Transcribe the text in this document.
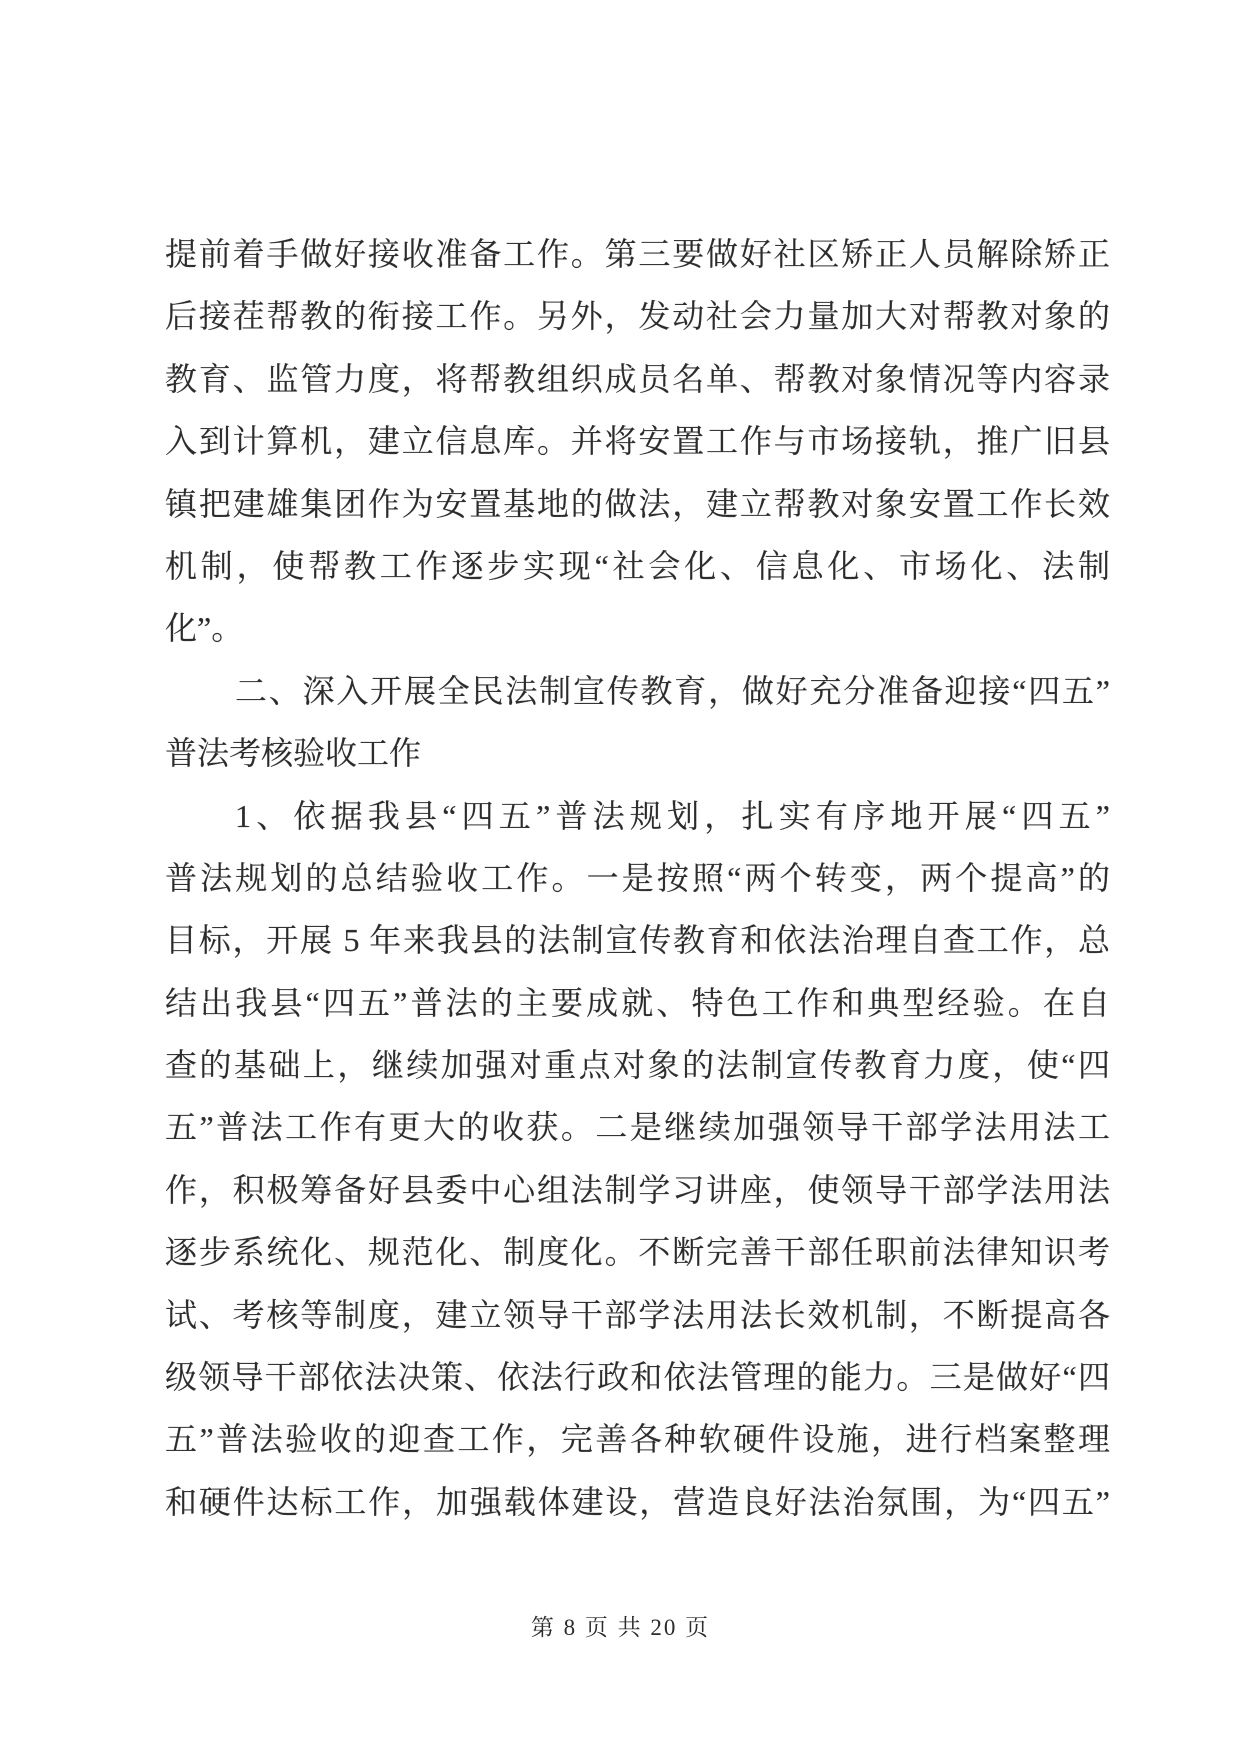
提前着手做好接收准备工作。第三要做好社区矫正人员解除矫正
后接茬帮教的衔接工作。另外，发动社会力量加大对帮教对象的
教育、监管力度，将帮教组织成员名单、帮教对象情况等内容录
入到计算机，建立信息库。并将安置工作与市场接轨，推广旧县
镇把建雄集团作为安置基地的做法，建立帮教对象安置工作长效
机制，使帮教工作逐步实现“社会化、信息化、市场化、法制
化”。
二、深入开展全民法制宣传教育，做好充分准备迎接“四五”
普法考核验收工作
1、依据我县“四五”普法规划，扎实有序地开展“四五”
普法规划的总结验收工作。一是按照“两个转变，两个提高”的
目标，开展 5 年来我县的法制宣传教育和依法治理自查工作，总
结出我县“四五”普法的主要成就、特色工作和典型经验。在自
查的基础上，继续加强对重点对象的法制宣传教育力度，使“四
五”普法工作有更大的收获。二是继续加强领导干部学法用法工
作，积极筹备好县委中心组法制学习讲座，使领导干部学法用法
逐步系统化、规范化、制度化。不断完善干部任职前法律知识考
试、考核等制度，建立领导干部学法用法长效机制，不断提高各
级领导干部依法决策、依法行政和依法管理的能力。三是做好“四
五”普法验收的迎查工作，完善各种软硬件设施，进行档案整理
和硬件达标工作，加强载体建设，营造良好法治氛围，为“四五”
第 8 页 共 20 页
